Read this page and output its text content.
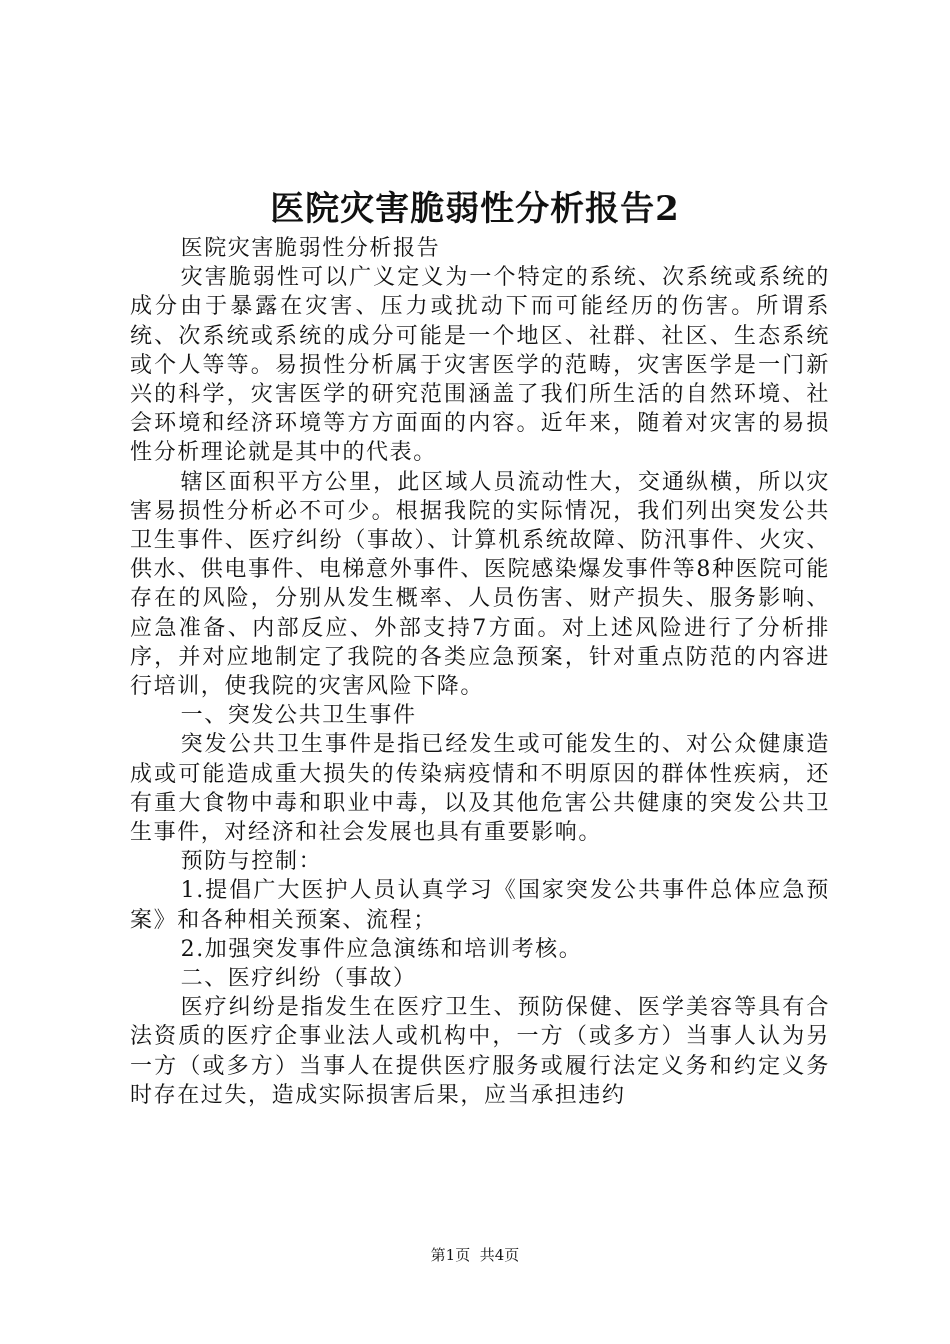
医院灾害脆弱性分析报告2

医院灾害脆弱性分析报告

灾害脆弱性可以广义定义为一个特定的系统、次系统或系统的成分由于暴露在灾害、压力或扰动下而可能经历的伤害。所谓系统、次系统或系统的成分可能是一个地区、社群、社区、生态系统或个人等等。易损性分析属于灾害医学的范畴，灾害医学是一门新兴的科学，灾害医学的研究范围涵盖了我们所生活的自然环境、社会环境和经济环境等方方面面的内容。近年来，随着对灾害的易损性分析理论就是其中的代表。

辖区面积平方公里，此区域人员流动性大，交通纵横，所以灾害易损性分析必不可少。根据我院的实际情况，我们列出突发公共卫生事件、医疗纠纷（事故）、计算机系统故障、防汛事件、火灾、供水、供电事件、电梯意外事件、医院感染爆发事件等8种医院可能存在的风险，分别从发生概率、人员伤害、财产损失、服务影响、应急准备、内部反应、外部支持7方面。对上述风险进行了分析排序，并对应地制定了我院的各类应急预案，针对重点防范的内容进行培训，使我院的灾害风险下降。

一、突发公共卫生事件

突发公共卫生事件是指已经发生或可能发生的、对公众健康造成或可能造成重大损失的传染病疫情和不明原因的群体性疾病，还有重大食物中毒和职业中毒，以及其他危害公共健康的突发公共卫生事件，对经济和社会发展也具有重要影响。

预防与控制：

1.提倡广大医护人员认真学习《国家突发公共事件总体应急预案》和各种相关预案、流程；

2.加强突发事件应急演练和培训考核。

二、医疗纠纷（事故）

医疗纠纷是指发生在医疗卫生、预防保健、医学美容等具有合法资质的医疗企事业法人或机构中，一方（或多方）当事人认为另一方（或多方）当事人在提供医疗服务或履行法定义务和约定义务时存在过失，造成实际损害后果，应当承担违约

第1页 共4页
